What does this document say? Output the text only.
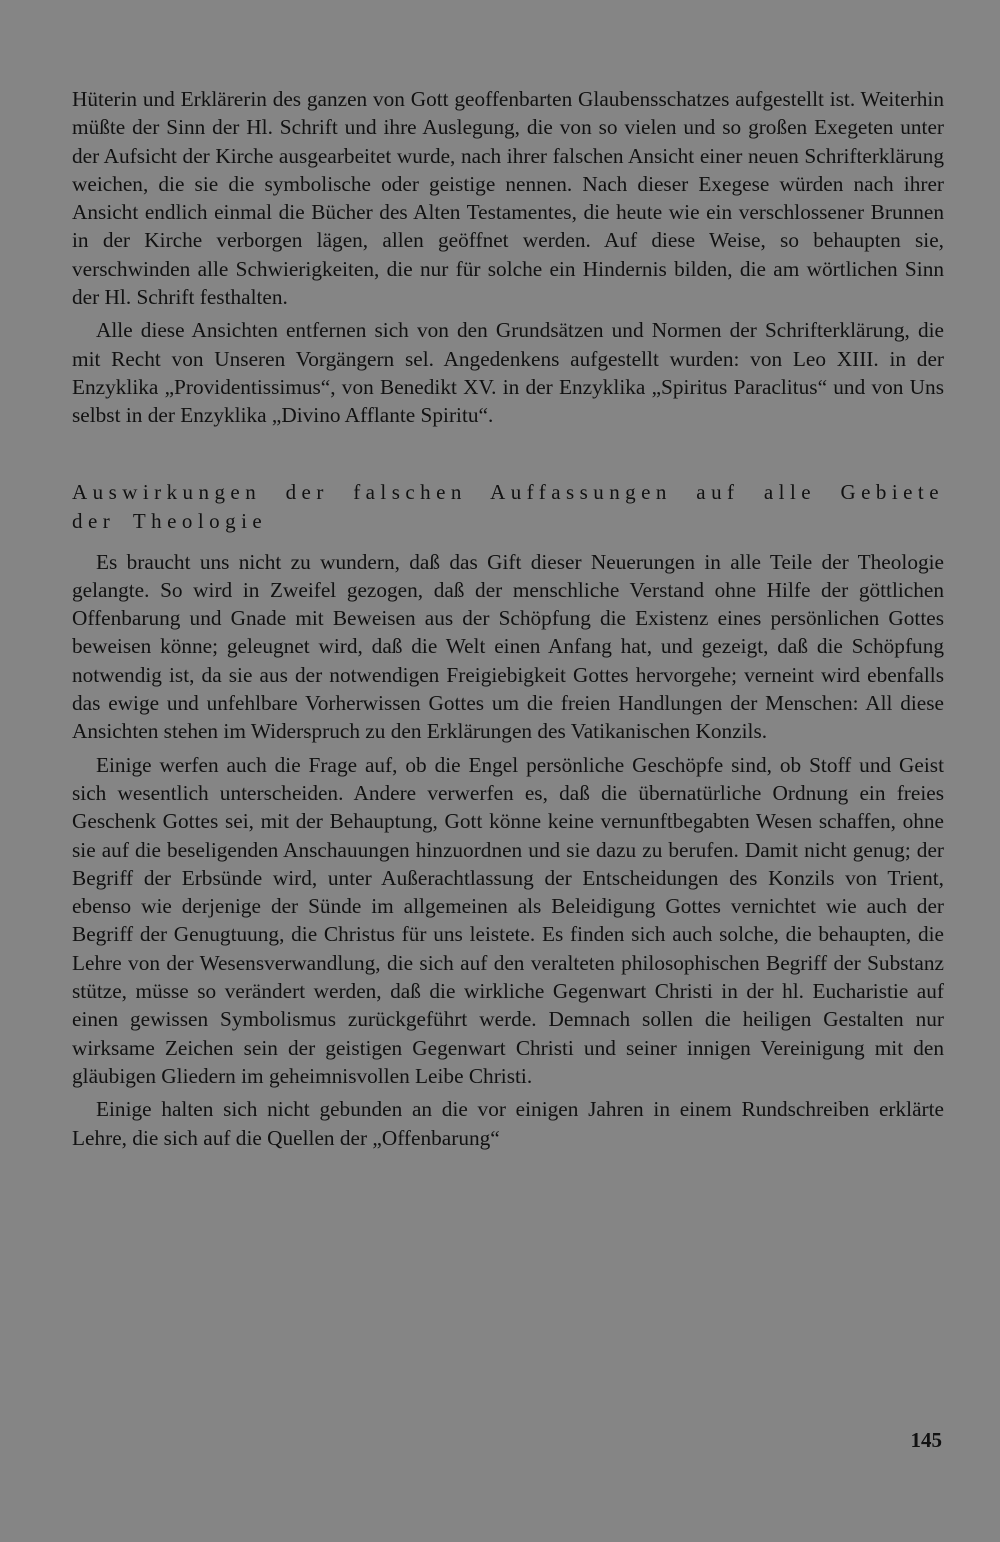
Hüterin und Erklärerin des ganzen von Gott geoffenbarten Glaubensschatzes aufgestellt ist. Weiterhin müßte der Sinn der Hl. Schrift und ihre Auslegung, die von so vielen und so großen Exegeten unter der Aufsicht der Kirche ausgearbeitet wurde, nach ihrer falschen Ansicht einer neuen Schrifterklärung weichen, die sie die symbolische oder geistige nennen. Nach dieser Exegese würden nach ihrer Ansicht endlich einmal die Bücher des Alten Testamentes, die heute wie ein verschlossener Brunnen in der Kirche verborgen lägen, allen geöffnet werden. Auf diese Weise, so behaupten sie, verschwinden alle Schwierigkeiten, die nur für solche ein Hindernis bilden, die am wörtlichen Sinn der Hl. Schrift festhalten.

Alle diese Ansichten entfernen sich von den Grundsätzen und Normen der Schrifterklärung, die mit Recht von Unseren Vorgängern sel. Angedenkens aufgestellt wurden: von Leo XIII. in der Enzyklika „Providentissimus“, von Benedikt XV. in der Enzyklika „Spiritus Paraclitus“ und von Uns selbst in der Enzyklika „Divino Afflante Spiritu“.

Auswirkungen der falschen Auffassungen auf alle Gebiete der Theologie

Es braucht uns nicht zu wundern, daß das Gift dieser Neuerungen in alle Teile der Theologie gelangte. So wird in Zweifel gezogen, daß der menschliche Verstand ohne Hilfe der göttlichen Offenbarung und Gnade mit Beweisen aus der Schöpfung die Existenz eines persönlichen Gottes beweisen könne; geleugnet wird, daß die Welt einen Anfang hat, und gezeigt, daß die Schöpfung notwendig ist, da sie aus der notwendigen Freigiebigkeit Gottes hervorgehe; verneint wird ebenfalls das ewige und unfehlbare Vorherwissen Gottes um die freien Handlungen der Menschen: All diese Ansichten stehen im Widerspruch zu den Erklärungen des Vatikanischen Konzils.

Einige werfen auch die Frage auf, ob die Engel persönliche Geschöpfe sind, ob Stoff und Geist sich wesentlich unterscheiden. Andere verwerfen es, daß die übernatürliche Ordnung ein freies Geschenk Gottes sei, mit der Behauptung, Gott könne keine vernunftbegabten Wesen schaffen, ohne sie auf die beseligenden Anschauungen hinzuordnen und sie dazu zu berufen. Damit nicht genug; der Begriff der Erbsünde wird, unter Außerachtlassung der Entscheidungen des Konzils von Trient, ebenso wie derjenige der Sünde im allgemeinen als Beleidigung Gottes vernichtet wie auch der Begriff der Genugtuung, die Christus für uns leistete. Es finden sich auch solche, die behaupten, die Lehre von der Wesensverwandlung, die sich auf den veralteten philosophischen Begriff der Substanz stütze, müsse so verändert werden, daß die wirkliche Gegenwart Christi in der hl. Eucharistie auf einen gewissen Symbolismus zurückgeführt werde. Demnach sollen die heiligen Gestalten nur wirksame Zeichen sein der geistigen Gegenwart Christi und seiner innigen Vereinigung mit den gläubigen Gliedern im geheimnisvollen Leibe Christi.

Einige halten sich nicht gebunden an die vor einigen Jahren in einem Rundschreiben erklärte Lehre, die sich auf die Quellen der „Offenbarung“

145
